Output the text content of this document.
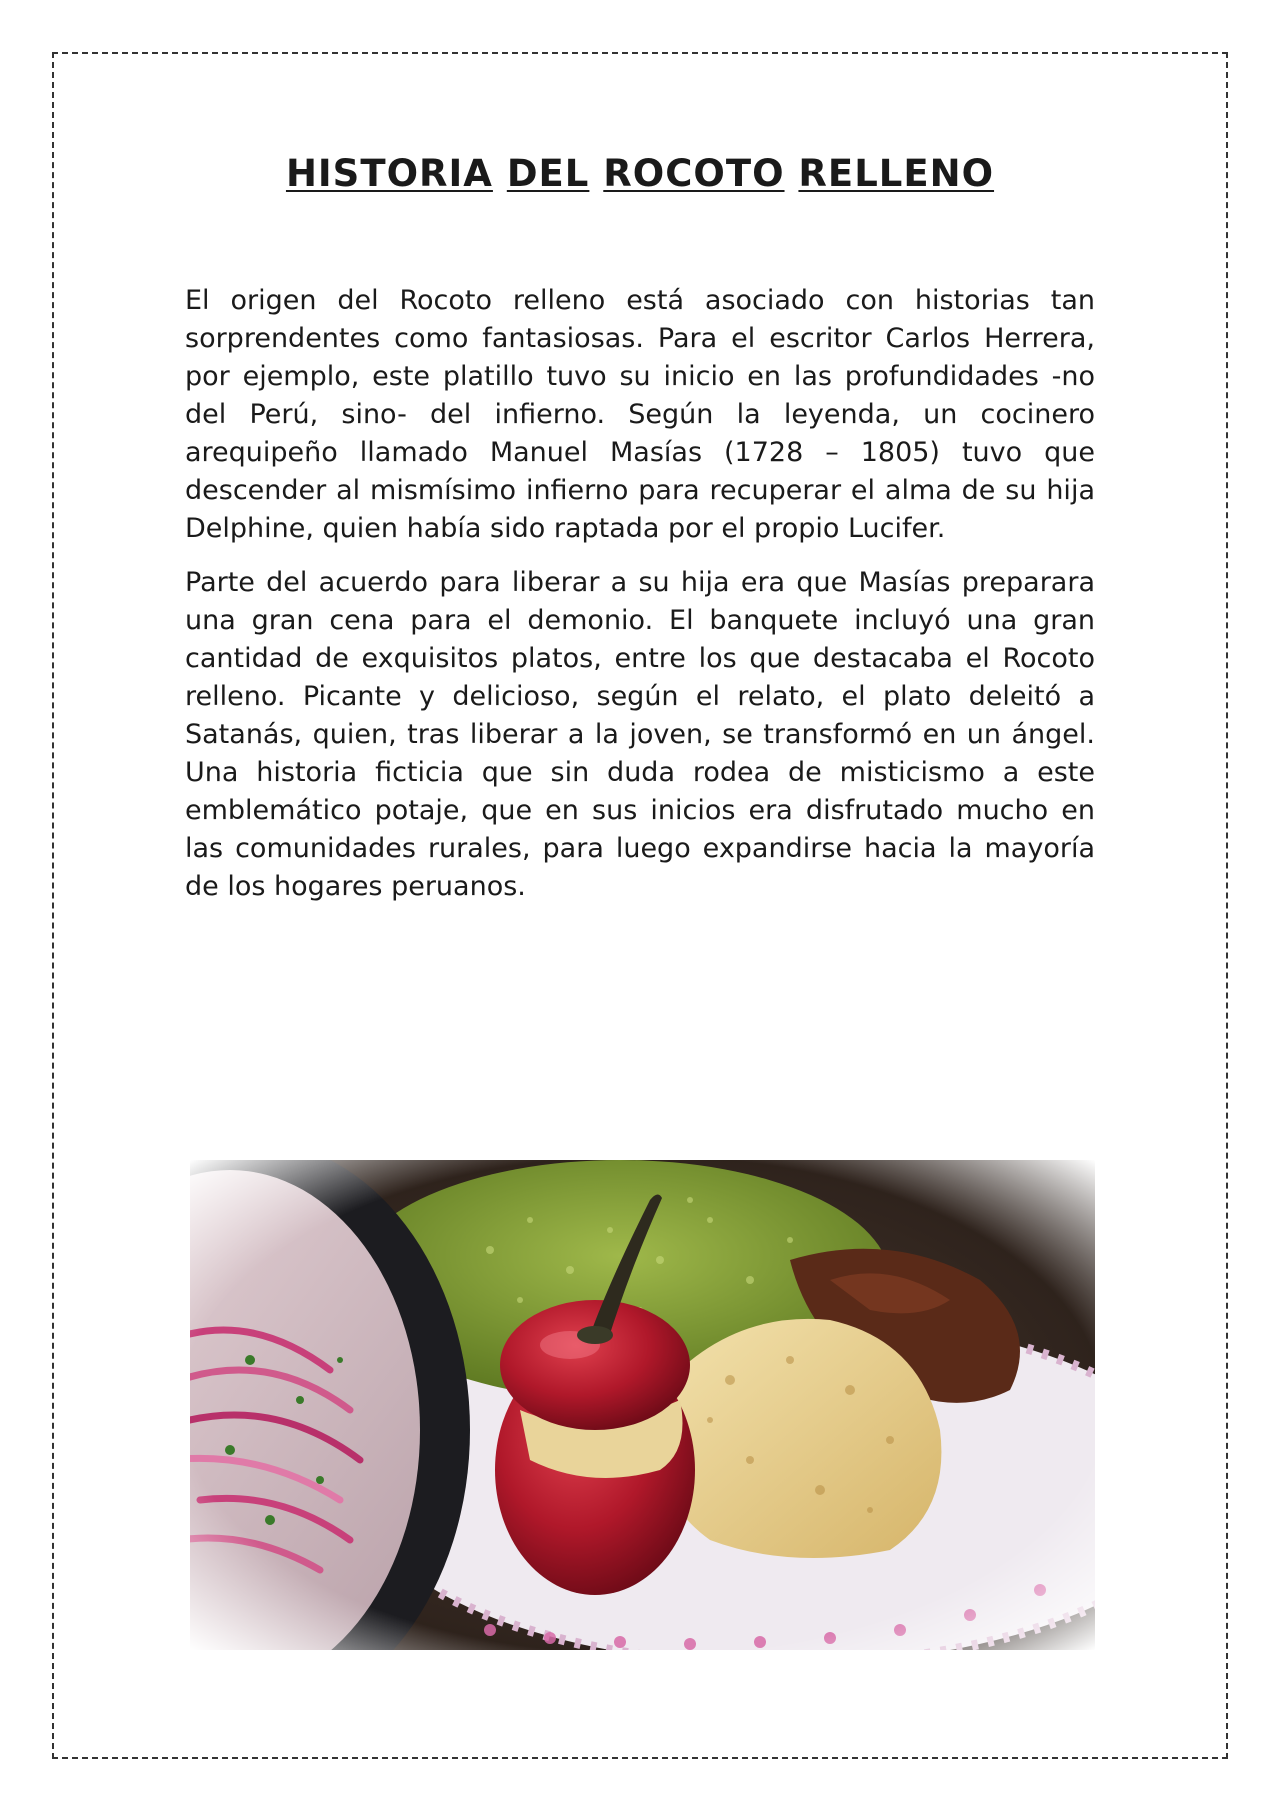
HISTORIA DEL ROCOTO RELLENO

El origen del Rocoto relleno está asociado con historias tan sorprendentes como fantasiosas. Para el escritor Carlos Herrera, por ejemplo, este platillo tuvo su inicio en las profundidades -no del Perú, sino- del infierno. Según la leyenda, un cocinero arequipeño llamado Manuel Masías (1728 – 1805) tuvo que descender al mismísimo infierno para recuperar el alma de su hija Delphine, quien había sido raptada por el propio Lucifer.

Parte del acuerdo para liberar a su hija era que Masías preparara una gran cena para el demonio. El banquete incluyó una gran cantidad de exquisitos platos, entre los que destacaba el Rocoto relleno. Picante y delicioso, según el relato, el plato deleitó a Satanás, quien, tras liberar a la joven, se transformó en un ángel. Una historia ficticia que sin duda rodea de misticismo a este emblemático potaje, que en sus inicios era disfrutado mucho en las comunidades rurales, para luego expandirse hacia la mayoría de los hogares peruanos.
